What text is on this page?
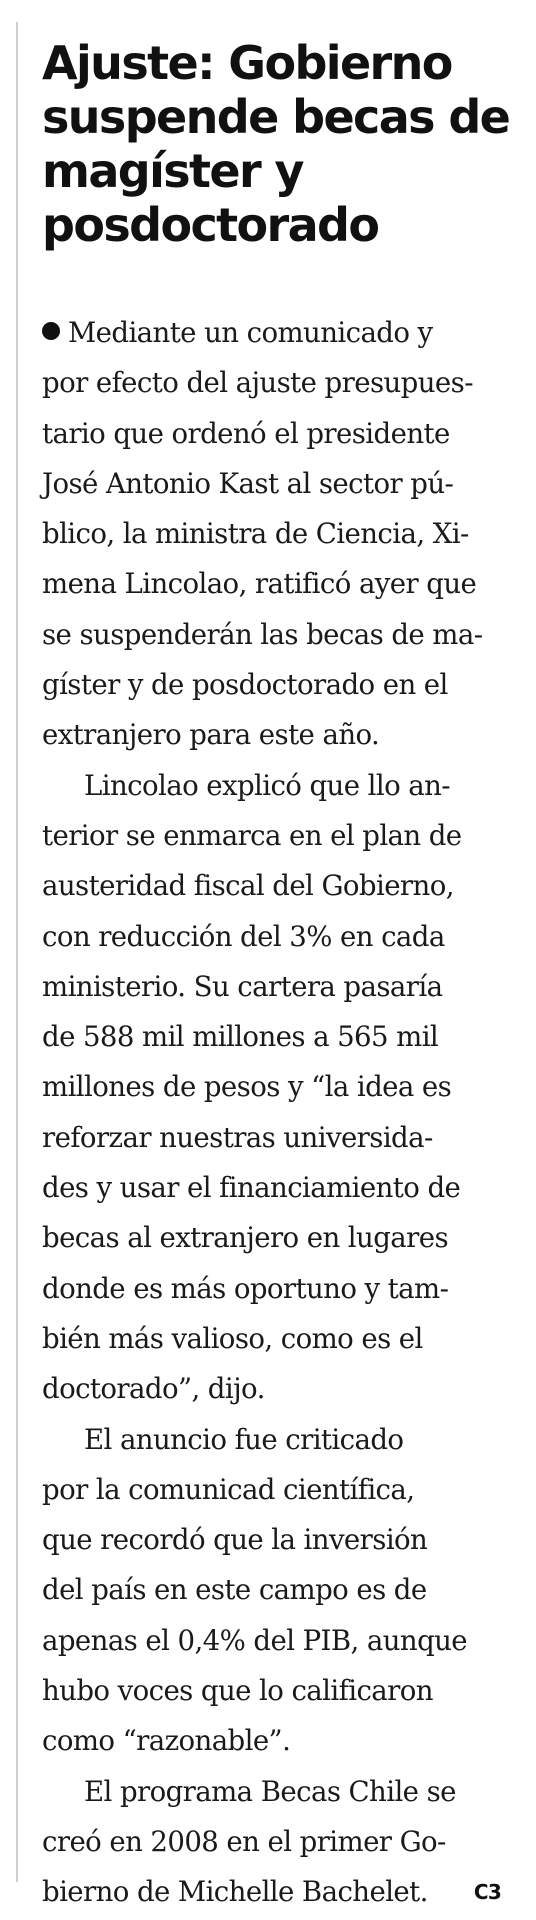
Ajuste: Gobierno
suspende becas de
magíster y
posdoctorado

Mediante un comunicado y
por efecto del ajuste presupues-
tario que ordenó el presidente
José Antonio Kast al sector pú-
blico, la ministra de Ciencia, Xi-
mena Lincolao, ratificó ayer que
se suspenderán las becas de ma-
gíster y de posdoctorado en el
extranjero para este año.

Lincolao explicó que llo an-
terior se enmarca en el plan de
austeridad fiscal del Gobierno,
con reducción del 3% en cada
ministerio. Su cartera pasaría
de 588 mil millones a 565 mil
millones de pesos y “la idea es
reforzar nuestras universida-
des y usar el financiamiento de
becas al extranjero en lugares
donde es más oportuno y tam-
bién más valioso, como es el
doctorado”, dijo.

El anuncio fue criticado
por la comunicad científica,
que recordó que la inversión
del país en este campo es de
apenas el 0,4% del PIB, aunque
hubo voces que lo calificaron
como “razonable”.

El programa Becas Chile se
creó en 2008 en el primer Go-
bierno de Michelle Bachelet. C3
